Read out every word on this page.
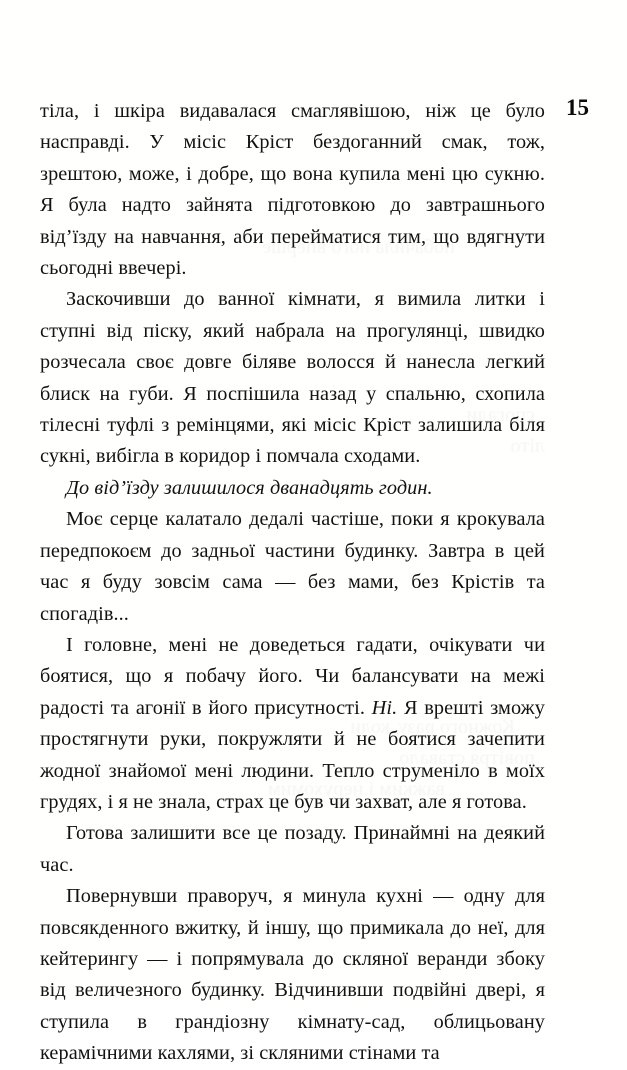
15

тіла, і шкіра видавалася смаглявішою, ніж це було насправді. У місіс Кріст бездоганний смак, тож, зрештою, може, і добре, що вона купила мені цю сукню. Я була надто зайнята підготовкою до завтрашнього від’їзду на навчання, аби перейматися тим, що вдягнути сьогодні ввечері.

Заскочивши до ванної кімнати, я вимила литки і ступні від піску, який набрала на прогулянці, швидко розчесала своє довге біляве волосся й нанесла легкий блиск на губи. Я поспішила назад у спальню, схопила тілесні туфлі з ремінцями, які місіс Кріст залишила біля сукні, вибігла в коридор і помчала сходами.

До від’їзду залишилося дванадцять годин.

Моє серце калатало дедалі частіше, поки я крокувала передпокоєм до задньої частини будинку. Завтра в цей час я буду зовсім сама — без мами, без Крістів та спогадів...

І головне, мені не доведеться гадати, очікувати чи боятися, що я побачу його. Чи балансувати на межі радості та агонії в його присутності. Ні. Я врешті зможу простягнути руки, покружляти й не боятися зачепити жодної знайомої мені людини. Тепло струменіло в моїх грудях, і я не знала, страх це був чи захват, але я готова.

Готова залишити все це позаду. Принаймні на деякий час.

Повернувши праворуч, я минула кухні — одну для повсякденного вжитку, й іншу, що примикала до неї, для кейтерингу — і попрямувала до скляної веранди збоку від величезного будинку. Відчинивши подвійні двері, я ступила в грандіозну кімнату-сад, облицьовану керамічними кахлями, зі скляними стінами та
